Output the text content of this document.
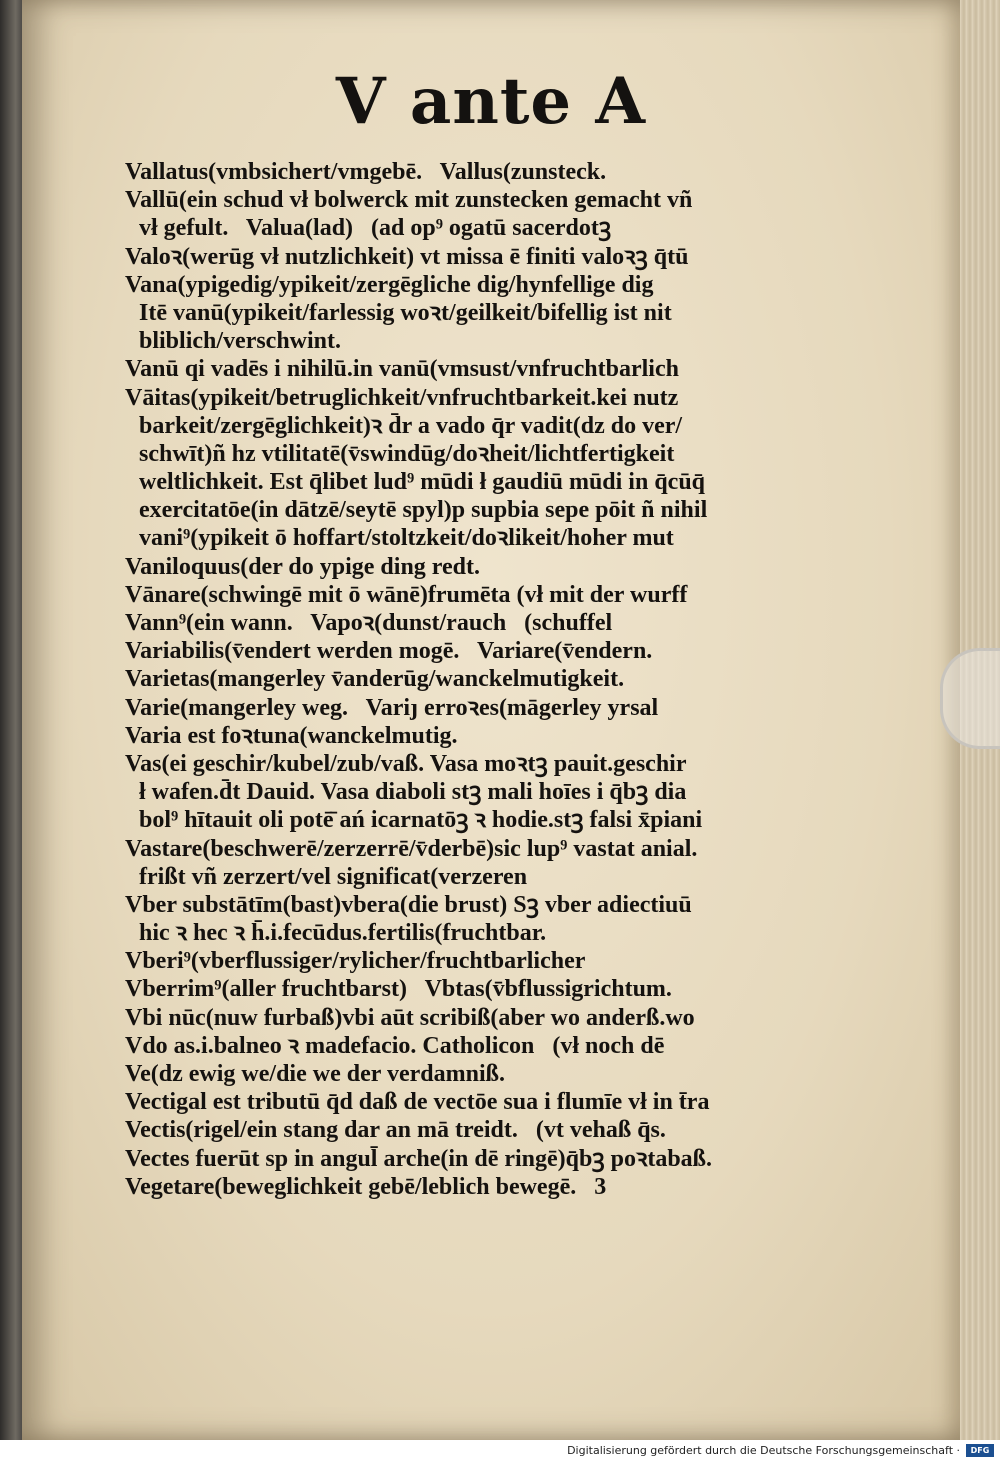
V ante A
Vallatus(vmbsichert/vmgebē.   Vallus(zunsteck.
Vallū(ein schud vł bolwerck mit zunstecken gemacht vñ
vł gefult.   Valua(lad)   (ad op⁹ ogatū sacerdotꝫ
Valoꝛ(werūg vł nutzlichkeit) vt missa ē finiti valoꝛꝫ q̄tū
Vana(ypigedig/ypikeit/zergēgliche dig/hynfellige dig
Itē vanū(ypikeit/farlessig woꝛt/geilkeit/bifellig ist nit
bliblich/verschwint.
Vanū qi vadēs i nihilū.in vanū(vmsust/vnfruchtbarlich
Vāitas(ypikeit/betruglichkeit/vnfruchtbarkeit.kei nutz
barkeit/zergēglichkeit)ꝛ d̄r a vado q̄r vadit(dz do ver/
schwīt)ñ hz vtilitatē(v̄swindūg/doꝛheit/lichtfertigkeit
weltlichkeit. Est q̄libet lud⁹ mūdi ł gaudiū mūdi in q̄cūq̄
exercitatōe(in dātzē/seytē spyl)p supbia sepe pōit ñ nihil
vani⁹(ypikeit ō hoffart/stoltzkeit/doꝛlikeit/hoher mut
Vaniloquus(der do ypige ding redt.
Vānare(schwingē mit ō wānē)frumēta (vł mit der wurff
Vann⁹(ein wann.   Vapoꝛ(dunst/rauch   (schuffel
Variabilis(v̄endert werden mogē.   Variare(v̄endern.
Varietas(mangerley v̄anderūg/wanckelmutigkeit.
Varie(mangerley weg.   Variȷ erroꝛes(māgerley yrsal
Varia est foꝛtuna(wanckelmutig.
Vas(ei geschir/kubel/zub/vaß. Vasa moꝛtꝫ pauit.geschir
ł wafen.d̄t Dauid. Vasa diaboli stꝫ mali hoīes i q̄bꝫ dia
bol⁹ hītauit oli potē̄ ań icarnatōꝫ ꝛ hodie.stꝫ falsi x̄piani
Vastare(beschwerē/zerzerrē/v̄derbē)sic lup⁹ vastat anial.
frißt vñ zerzert/vel significat(verzeren
Vber substātīm(bast)vbera(die brust) Sꝫ vber adiectiuū
hic ꝛ hec ꝛ h̄.i.fecūdus.fertilis(fruchtbar.
Vberi⁹(vberflussiger/rylicher/fruchtbarlicher
Vberrim⁹(aller fruchtbarst)   Vbtas(v̄bflussigrichtum.
Vbi nūc(nuw furbaß)vbi aūt scribiß(aber wo anderß.wo
Vdo as.i.balneo ꝛ madefacio. Catholicon   (vł noch dē
Ve(dz ewig we/die we der verdamniß.
Vectigal est tributū q̄d daß de vectōe sua i flumīe vł in t̄ra
Vectis(rigel/ein stang dar an mā treidt.   (vt vehaß q̄s.
Vectes fuerūt sp in angul̄ arche(in dē ringē)q̄bꝫ poꝛtabaß.
Vegetare(beweglichkeit gebē/leblich bewegē.   3
Digitalisierung gefördert durch die Deutsche Forschungsgemeinschaft ·	DFG
